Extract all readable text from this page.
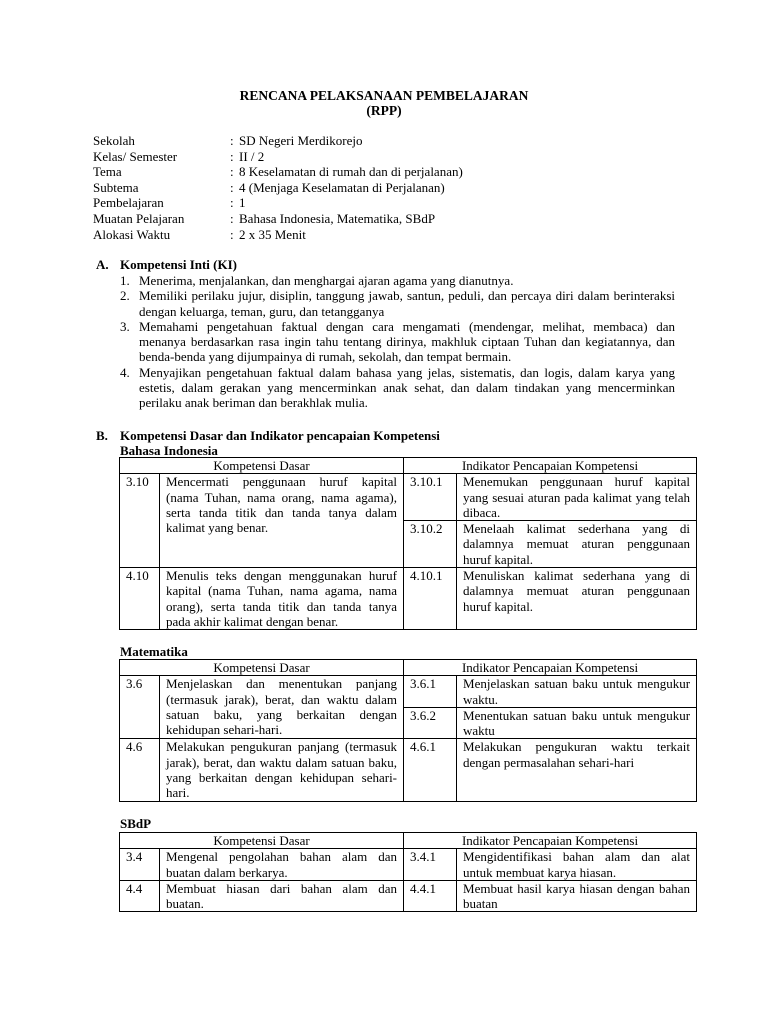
RENCANA PELAKSANAAN PEMBELAJARAN
(RPP)
Sekolah	: SD Negeri Merdikorejo
Kelas/ Semester	: II / 2
Tema	: 8 Keselamatan di rumah dan di perjalanan)
Subtema	: 4 (Menjaga Keselamatan di Perjalanan)
Pembelajaran	: 1
Muatan Pelajaran	: Bahasa Indonesia, Matematika, SBdP
Alokasi Waktu	: 2 x 35 Menit
A. Kompetensi Inti (KI)
1. Menerima, menjalankan, dan menghargai ajaran agama yang dianutnya.
2. Memiliki perilaku jujur, disiplin, tanggung jawab, santun, peduli, dan percaya diri dalam berinteraksi dengan keluarga, teman, guru, dan tetangganya
3. Memahami pengetahuan faktual dengan cara mengamati (mendengar, melihat, membaca) dan menanya berdasarkan rasa ingin tahu tentang dirinya, makhluk ciptaan Tuhan dan kegiatannya, dan benda-benda yang dijumpainya di rumah, sekolah, dan tempat bermain.
4. Menyajikan pengetahuan faktual dalam bahasa yang jelas, sistematis, dan logis, dalam karya yang estetis, dalam gerakan yang mencerminkan anak sehat, dan dalam tindakan yang mencerminkan perilaku anak beriman dan berakhlak mulia.
B. Kompetensi Dasar dan Indikator pencapaian Kompetensi
Bahasa Indonesia
Kompetensi Dasar		Indikator Pencapaian Kompetensi	
3.10	Mencermati penggunaan huruf kapital (nama Tuhan, nama orang, nama agama), serta tanda titik dan tanda tanya dalam kalimat yang benar.	3.10.1	Menemukan penggunaan huruf kapital yang sesuai aturan pada kalimat yang telah dibaca.
		3.10.2	Menelaah kalimat sederhana yang di dalamnya memuat aturan penggunaan huruf kapital.
4.10	Menulis teks dengan menggunakan huruf kapital (nama Tuhan, nama agama, nama orang), serta tanda titik dan tanda tanya pada akhir kalimat dengan benar.	4.10.1	Menuliskan kalimat sederhana yang di dalamnya memuat aturan penggunaan huruf kapital.
Matematika
Kompetensi Dasar		Indikator Pencapaian Kompetensi	
3.6	Menjelaskan dan menentukan panjang (termasuk jarak), berat, dan waktu dalam satuan baku, yang berkaitan dengan kehidupan sehari-hari.	3.6.1	Menjelaskan satuan baku untuk mengukur waktu.
		3.6.2	Menentukan satuan baku untuk mengukur waktu
4.6	Melakukan pengukuran panjang (termasuk jarak), berat, dan waktu dalam satuan baku, yang berkaitan dengan kehidupan sehari-hari.	4.6.1	Melakukan pengukuran waktu terkait dengan permasalahan sehari-hari
SBdP
Kompetensi Dasar		Indikator Pencapaian Kompetensi	
3.4	Mengenal pengolahan bahan alam dan buatan dalam berkarya.	3.4.1	Mengidentifikasi bahan alam dan alat untuk membuat karya hiasan.
4.4	Membuat hiasan dari bahan alam dan buatan.	4.4.1	Membuat hasil karya hiasan dengan bahan buatan
